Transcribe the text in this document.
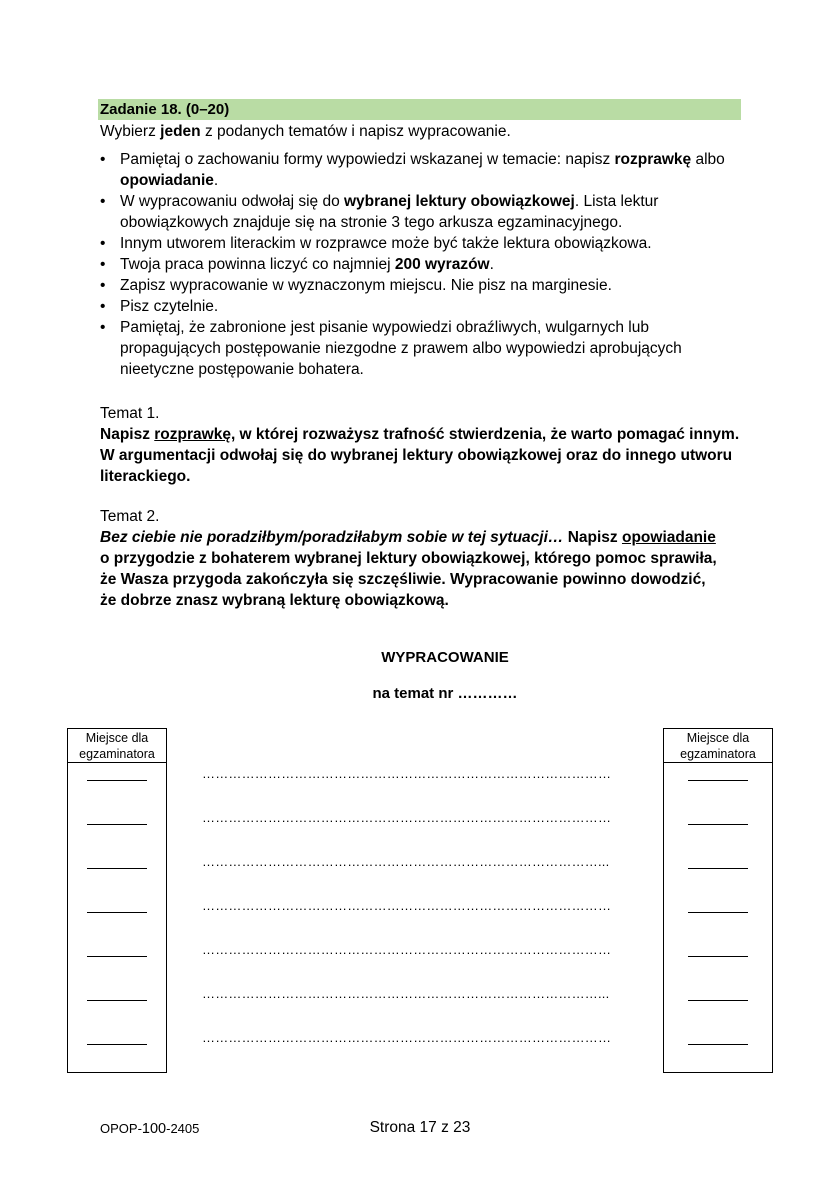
Zadanie 18. (0–20)
Wybierz jeden z podanych tematów i napisz wypracowanie.
• Pamiętaj o zachowaniu formy wypowiedzi wskazanej w temacie: napisz rozprawkę albo
opowiadanie.
• W wypracowaniu odwołaj się do wybranej lektury obowiązkowej. Lista lektur
obowiązkowych znajduje się na stronie 3 tego arkusza egzaminacyjnego.
• Innym utworem literackim w rozprawce może być także lektura obowiązkowa.
• Twoja praca powinna liczyć co najmniej 200 wyrazów.
• Zapisz wypracowanie w wyznaczonym miejscu. Nie pisz na marginesie.
• Pisz czytelnie.
• Pamiętaj, że zabronione jest pisanie wypowiedzi obraźliwych, wulgarnych lub
propagujących postępowanie niezgodne z prawem albo wypowiedzi aprobujących
nieetyczne postępowanie bohatera.
Temat 1.
Napisz rozprawkę, w której rozważysz trafność stwierdzenia, że warto pomagać innym.
W argumentacji odwołaj się do wybranej lektury obowiązkowej oraz do innego utworu
literackiego.
Temat 2.
Bez ciebie nie poradziłbym/poradziłabym sobie w tej sytuacji… Napisz opowiadanie
o przygodzie z bohaterem wybranej lektury obowiązkowej, którego pomoc sprawiła,
że Wasza przygoda zakończyła się szczęśliwie. Wypracowanie powinno dowodzić,
że dobrze znasz wybraną lekturę obowiązkową.
WYPRACOWANIE
na temat nr …………
Miejsce dla
egzaminatora
Miejsce dla
egzaminatora
…………………………………………………………………………………
…………………………………………………………………………………
………………………………………………………………………………...
…………………………………………………………………………………
…………………………………………………………………………………
………………………………………………………………………………...
…………………………………………………………………………………
OPOP-100-2405	Strona 17 z 23
